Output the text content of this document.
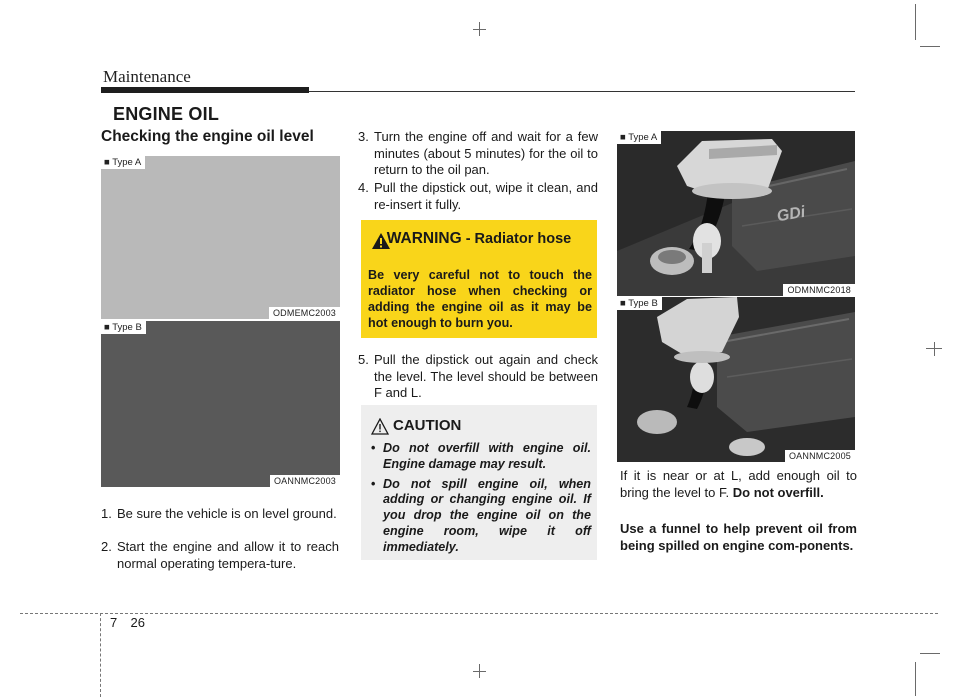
Maintenance
ENGINE OIL
Checking the engine oil level
■ Type A
ODMEMC2003
■ Type B
OANNMC2003
1. Be sure the vehicle is on level ground.
2. Start the engine and allow it to reach normal operating tempera-ture.
3. Turn the engine off and wait for a few minutes (about 5 minutes) for the oil to return to the oil pan.
4. Pull the dipstick out, wipe it clean, and re-insert it fully.
WARNING - Radiator hose
Be very careful not to touch the radiator hose when checking or adding the engine oil as it may be hot enough to burn you.
5. Pull the dipstick out again and check the level. The level should be between F and L.
CAUTION
• Do not overfill with engine oil. Engine damage may result.
• Do not spill engine oil, when adding or changing engine oil. If you drop the engine oil on the engine room, wipe it off immediately.
GDi
■ Type A
ODMNMC2018
■ Type B
OANNMC2005
If it is near or at L, add enough oil to bring the level to F. Do not overfill.
Use a funnel to help prevent oil from being spilled on engine com-ponents.
7 26
